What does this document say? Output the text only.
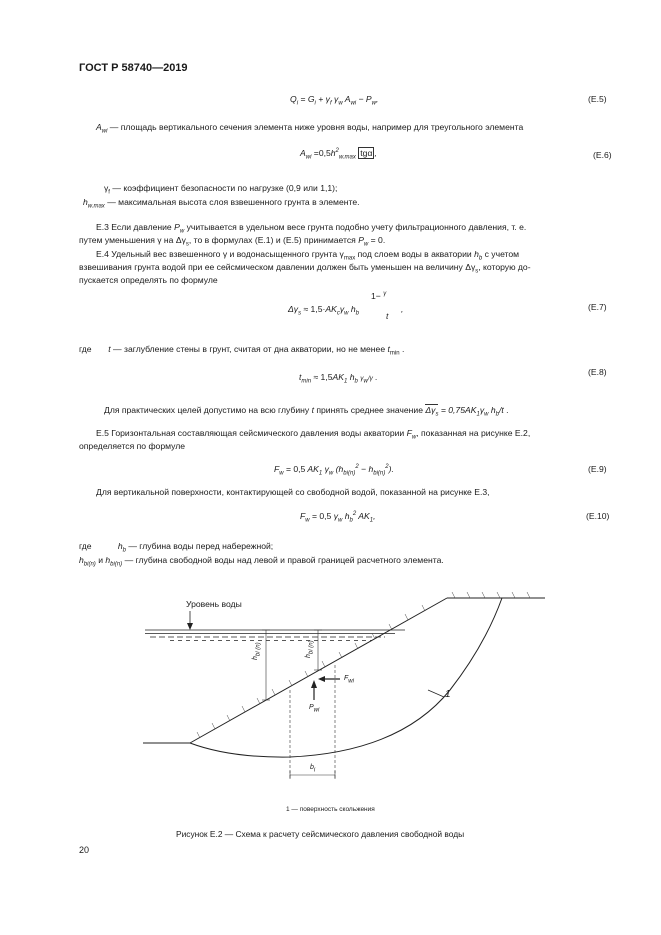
ГОСТ Р 58740—2019
$Q_i = G_i + \gamma_f$ $\gamma_w$ $A_{wi} - P_w$,	(E.5)
$A_{wi}$ — площадь вертикального сечения элемента ниже уровня воды, например для треугольного элемента
$A_{wi} =0,5h^2_{w.max}$ tgα ,	(E.6)
$\gamma_f$ — коэффициент безопасности по нагрузке (0,9 или 1,1);
$h_{w.max}$ — максимальная высота слоя взвешенного грунта в элементе.
Е.3 Если давление $P_w$ учитывается в удельном весе грунта подобно учету фильтрационного давления, т. е.
путем уменьшения γ на $\Delta\gamma_s$, то в формулах (Е.1) и (Е.5) принимается $P_w = 0$.
Е.4 Удельный вес взвешенного γ и водонасыщенного грунта $\gamma_{max}$ под слоем воды в акватории $h_b$ с учетом
взвешивания грунта водой при ее сейсмическом давлении должен быть уменьшен на величину $\Delta\gamma_s$, которую до-
пускается определять по формуле
$\Delta\gamma_s \approx 1,5\cdot AK_c\gamma_w$ $h_b$
1− $^\gamma$
t
,	(E.7)
где t — заглубление стены в грунт, считая от дна акватории, но не менее $t_{min}$ .
$t_{min} \approx 1,5AK_1$ $h_b$ $\gamma_w/\gamma$ .	(E.8)
Для практических целей допустимо на всю глубину t принять среднее значение $\Delta\gamma_s = 0,75AK_1\gamma_w$ $h_b/t$ .
Е.5 Горизонтальная составляющая сейсмического давления воды акватории $F_w$, показанная на рисунке Е.2,
определяется по формуле
$F_w = 0,5$ $AK_1$ $\gamma_w$ $(h_{bi(n)}^2 - h_{bi(n)}^2)$.	(E.9)
Для вертикальной поверхности, контактирующей со свободной водой, показанной на рисунке Е.3,
$F_w = 0,5$ $\gamma_w$ $h_b^2$ $AK_1$,	(E.10)
где	$h_b$ — глубина воды перед набережной;
$h_{bi(n)}$ и $h_{bi(n)}$ — глубина свободной воды над левой и правой границей расчетного элемента.
Уровень воды
$h_{bi (n)}$	$h_{bi (n)}$
$F_{wi}$
$P_{wi}$
$b_i$
1
1 — поверхность скольжения
Рисунок Е.2 — Схема к расчету сейсмического давления свободной воды
20
